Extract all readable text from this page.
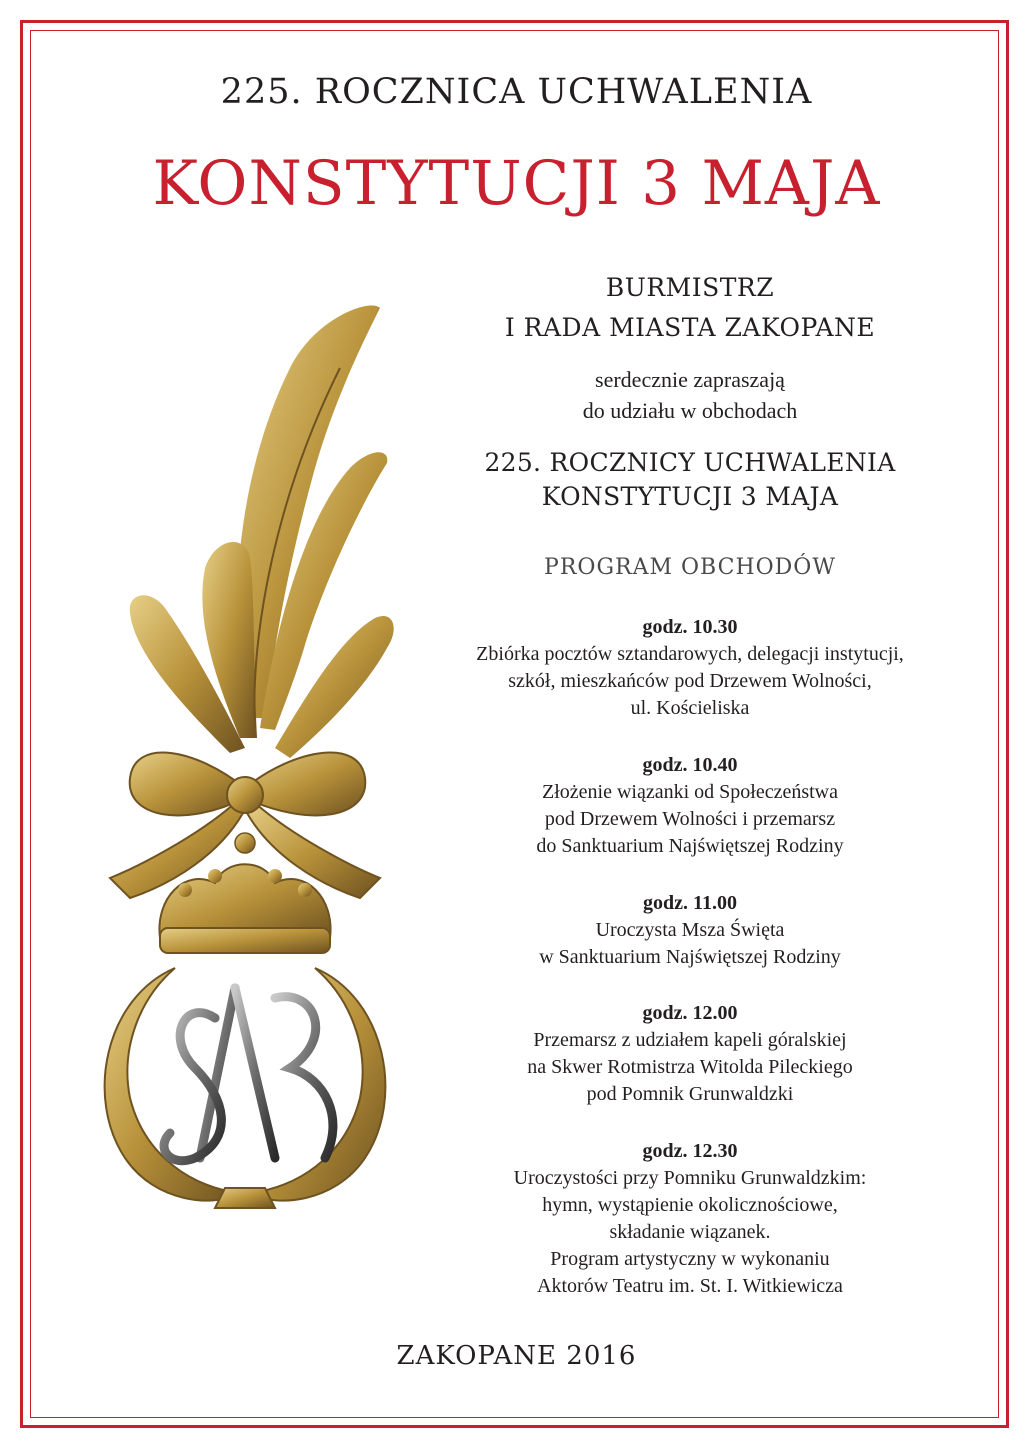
225. ROCZNICA UCHWALENIA
KONSTYTUCJI 3 MAJA
BURMISTRZ
I RADA MIASTA ZAKOPANE
serdecznie zapraszają
do udziału w obchodach
225. ROCZNICY UCHWALENIA
KONSTYTUCJI 3 MAJA
PROGRAM OBCHODÓW
godz. 10.30
Zbiórka pocztów sztandarowych, delegacji instytucji,
szkół, mieszkańców pod Drzewem Wolności,
ul. Kościeliska
godz. 10.40
Złożenie wiązanki od Społeczeństwa
pod Drzewem Wolności i przemarsz
do Sanktuarium Najświętszej Rodziny
godz. 11.00
Uroczysta Msza Święta
w Sanktuarium Najświętszej Rodziny
godz. 12.00
Przemarsz z udziałem kapeli góralskiej
na Skwer Rotmistrza Witolda Pileckiego
pod Pomnik Grunwaldzki
godz. 12.30
Uroczystości przy Pomniku Grunwaldzkim:
hymn, wystąpienie okolicznościowe,
składanie wiązanek.
Program artystyczny w wykonaniu
Aktorów Teatru im. St. I. Witkiewicza
ZAKOPANE 2016
